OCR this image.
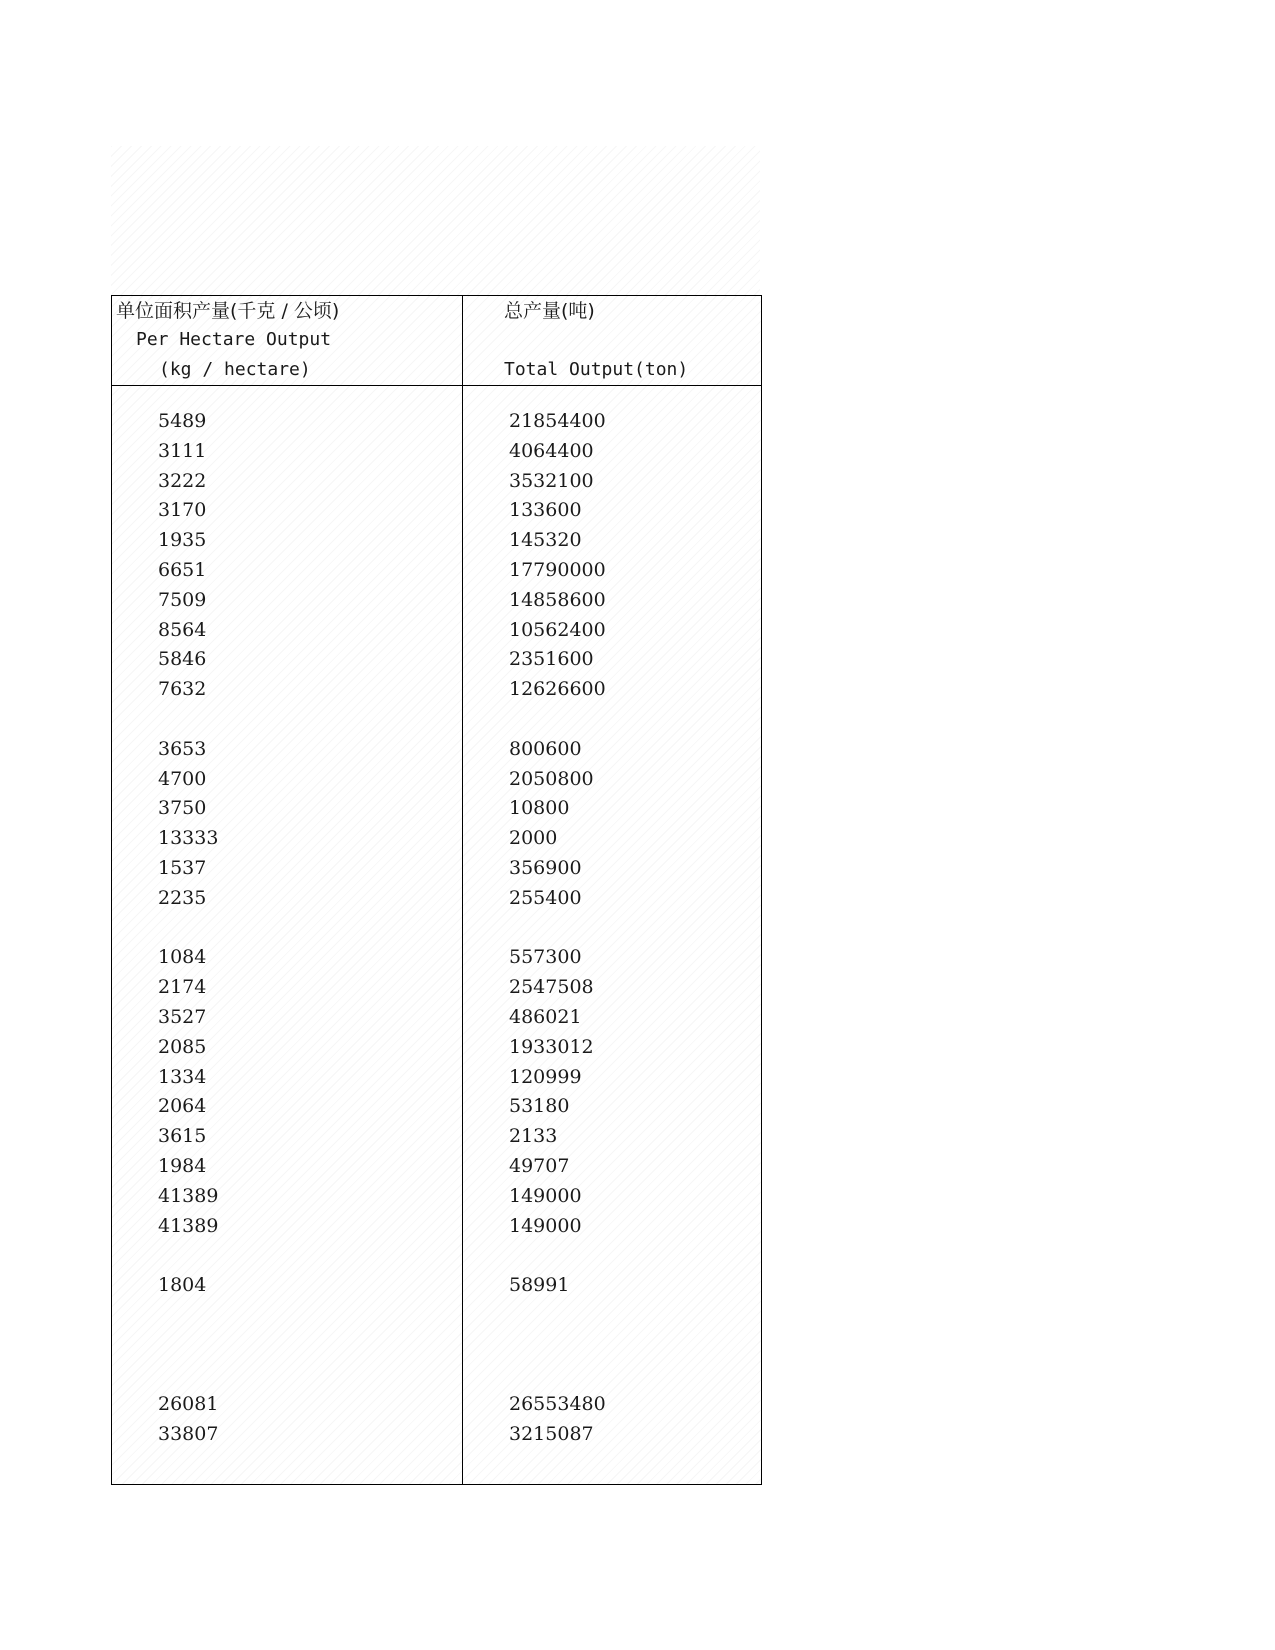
单位面积产量(千克 / 公顷)
Per Hectare Output
(kg / hectare)
总产量(吨)
Total Output(ton)
5489	21854400
3111	4064400
3222	3532100
3170	133600
1935	145320
6651	17790000
7509	14858600
8564	10562400
5846	2351600
7632	12626600
3653	800600
4700	2050800
3750	10800
13333	2000
1537	356900
2235	255400
1084	557300
2174	2547508
3527	486021
2085	1933012
1334	120999
2064	53180
3615	2133
1984	49707
41389	149000
41389	149000
1804	58991
26081	26553480
33807	3215087
